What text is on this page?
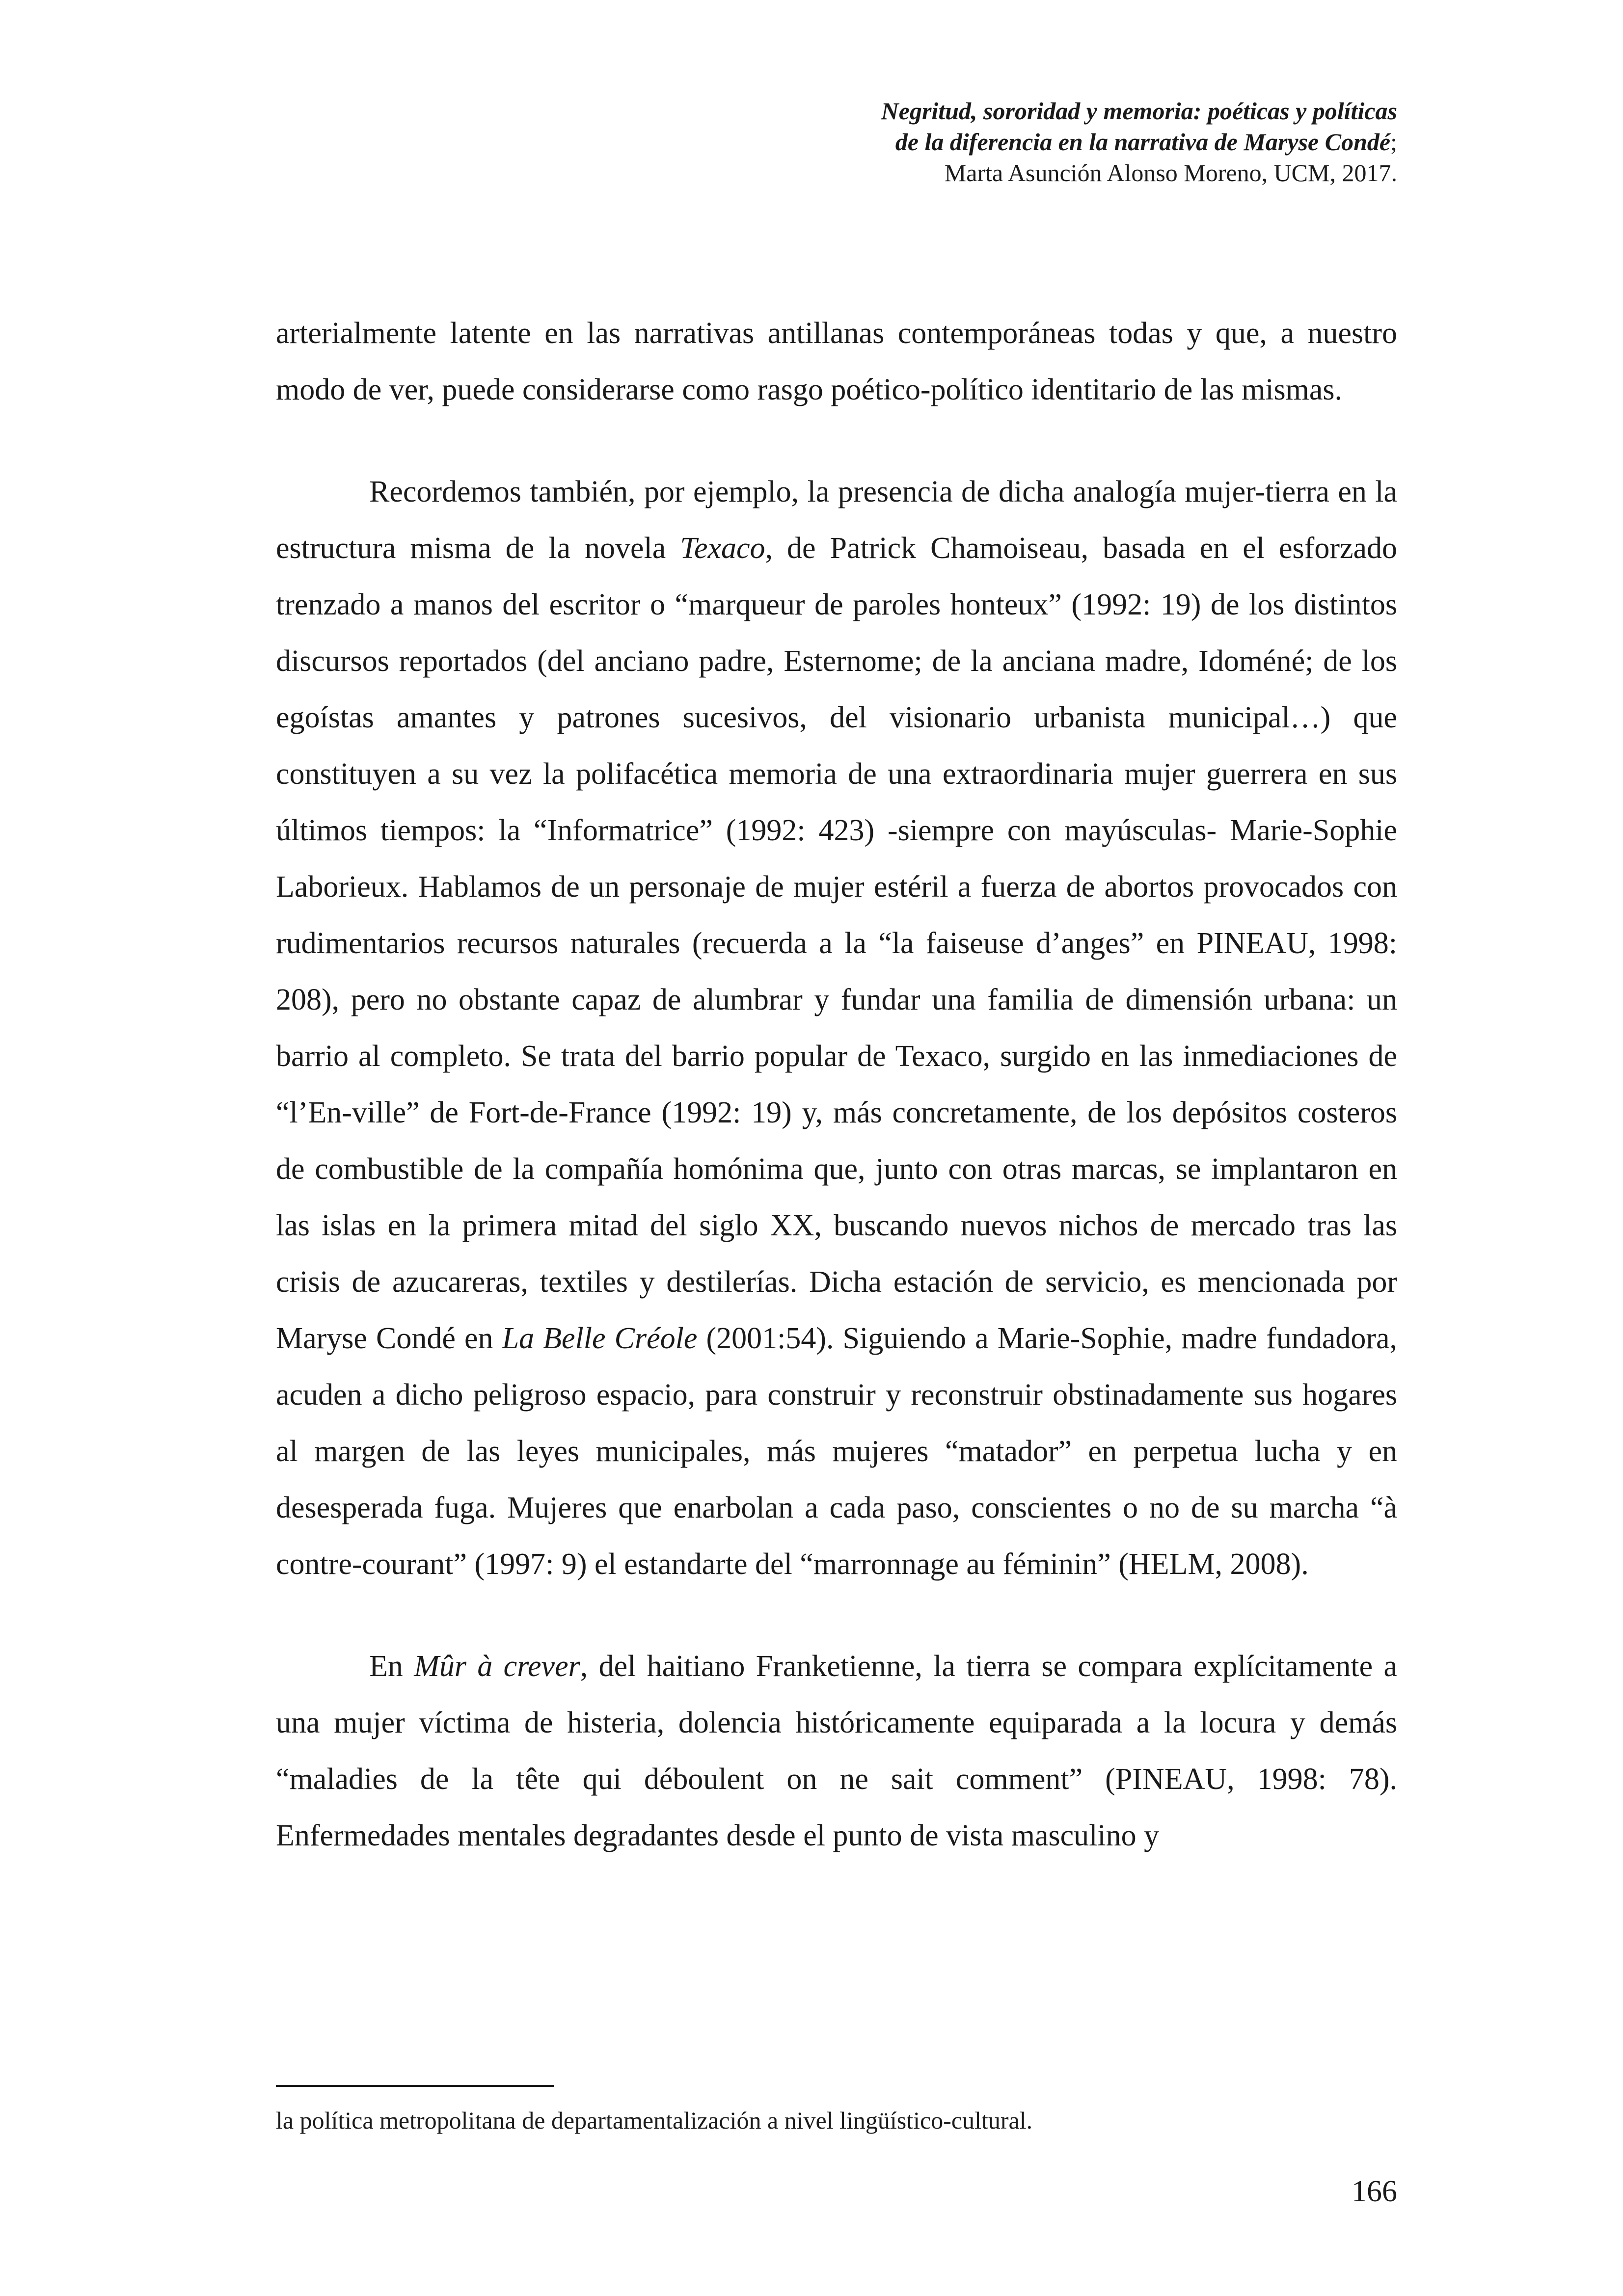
Negritud, sororidad y memoria: poéticas y políticas
de la diferencia en la narrativa de Maryse Condé;
Marta Asunción Alonso Moreno, UCM, 2017.

arterialmente latente en las narrativas antillanas contemporáneas todas y que, a nuestro modo de ver, puede considerarse como rasgo poético-político identitario de las mismas.

Recordemos también, por ejemplo, la presencia de dicha analogía mujer-tierra en la estructura misma de la novela Texaco, de Patrick Chamoiseau, basada en el esforzado trenzado a manos del escritor o “marqueur de paroles honteux” (1992: 19) de los distintos discursos reportados (del anciano padre, Esternome; de la anciana madre, Idoméné; de los egoístas amantes y patrones sucesivos, del visionario urbanista municipal…) que constituyen a su vez la polifacética memoria de una extraordinaria mujer guerrera en sus últimos tiempos: la “Informatrice” (1992: 423) -siempre con mayúsculas- Marie-Sophie Laborieux. Hablamos de un personaje de mujer estéril a fuerza de abortos provocados con rudimentarios recursos naturales (recuerda a la “la faiseuse d’anges” en PINEAU, 1998: 208), pero no obstante capaz de alumbrar y fundar una familia de dimensión urbana: un barrio al completo. Se trata del barrio popular de Texaco, surgido en las inmediaciones de “l’En-ville” de Fort-de-France (1992: 19) y, más concretamente, de los depósitos costeros de combustible de la compañía homónima que, junto con otras marcas, se implantaron en las islas en la primera mitad del siglo XX, buscando nuevos nichos de mercado tras las crisis de azucareras, textiles y destilerías. Dicha estación de servicio, es mencionada por Maryse Condé en La Belle Créole (2001:54). Siguiendo a Marie-Sophie, madre fundadora, acuden a dicho peligroso espacio, para construir y reconstruir obstinadamente sus hogares al margen de las leyes municipales, más mujeres “matador” en perpetua lucha y en desesperada fuga. Mujeres que enarbolan a cada paso, conscientes o no de su marcha “à contre-courant” (1997: 9) el estandarte del “marronnage au féminin” (HELM, 2008).

En Mûr à crever, del haitiano Franketienne, la tierra se compara explícitamente a una mujer víctima de histeria, dolencia históricamente equiparada a la locura y demás “maladies de la tête qui déboulent on ne sait comment” (PINEAU, 1998: 78). Enfermedades mentales degradantes desde el punto de vista masculino y

la política metropolitana de departamentalización a nivel lingüístico-cultural.
166
